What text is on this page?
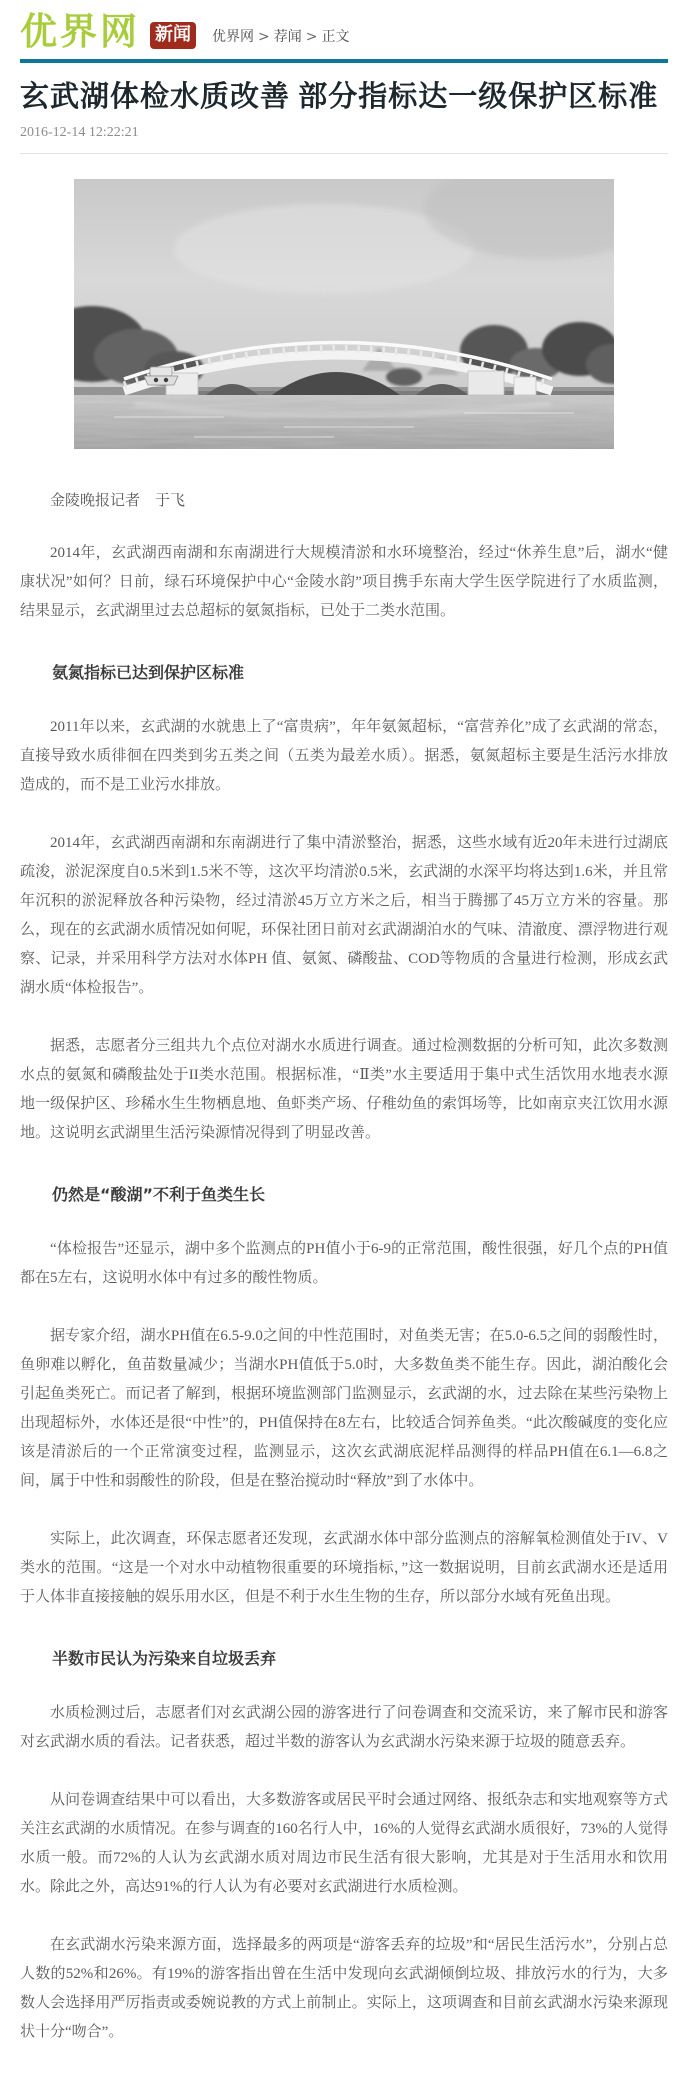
优界网 新闻	优界网 > 荐闻 > 正文
玄武湖体检水质改善 部分指标达一级保护区标准
2016-12-14 12:22:21
金陵晚报记者　于飞

2014年，玄武湖西南湖和东南湖进行大规模清淤和水环境整治，经过“休养生息”后，湖水“健康状况”如何？日前，绿石环境保护中心“金陵水韵”项目携手东南大学生医学院进行了水质监测，结果显示，玄武湖里过去总超标的氨氮指标，已处于二类水范围。

氨氮指标已达到保护区标准

2011年以来，玄武湖的水就患上了“富贵病”，年年氨氮超标，“富营养化”成了玄武湖的常态，直接导致水质徘徊在四类到劣五类之间（五类为最差水质）。据悉，氨氮超标主要是生活污水排放造成的，而不是工业污水排放。

2014年，玄武湖西南湖和东南湖进行了集中清淤整治，据悉，这些水域有近20年未进行过湖底疏浚，淤泥深度自0.5米到1.5米不等，这次平均清淤0.5米，玄武湖的水深平均将达到1.6米，并且常年沉积的淤泥释放各种污染物，经过清淤45万立方米之后，相当于腾挪了45万立方米的容量。那么，现在的玄武湖水质情况如何呢，环保社团日前对玄武湖湖泊水的气味、清澈度、漂浮物进行观察、记录，并采用科学方法对水体PH 值、氨氮、磷酸盐、COD等物质的含量进行检测，形成玄武湖水质“体检报告”。

据悉，志愿者分三组共九个点位对湖水水质进行调查。通过检测数据的分析可知，此次多数测水点的氨氮和磷酸盐处于II类水范围。根据标准，“Ⅱ类”水主要适用于集中式生活饮用水地表水源地一级保护区、珍稀水生生物栖息地、鱼虾类产场、仔稚幼鱼的索饵场等，比如南京夹江饮用水源地。这说明玄武湖里生活污染源情况得到了明显改善。

仍然是“酸湖”不利于鱼类生长

“体检报告”还显示，湖中多个监测点的PH值小于6-9的正常范围，酸性很强，好几个点的PH值都在5左右，这说明水体中有过多的酸性物质。

据专家介绍，湖水PH值在6.5-9.0之间的中性范围时，对鱼类无害；在5.0-6.5之间的弱酸性时，鱼卵难以孵化，鱼苗数量减少；当湖水PH值低于5.0时，大多数鱼类不能生存。因此，湖泊酸化会引起鱼类死亡。而记者了解到，根据环境监测部门监测显示，玄武湖的水，过去除在某些污染物上出现超标外，水体还是很“中性”的，PH值保持在8左右，比较适合饲养鱼类。“此次酸碱度的变化应该是清淤后的一个正常演变过程，监测显示，这次玄武湖底泥样品测得的样品PH值在6.1—6.8之间，属于中性和弱酸性的阶段，但是在整治搅动时“释放”到了水体中。

实际上，此次调查，环保志愿者还发现，玄武湖水体中部分监测点的溶解氧检测值处于IV、V类水的范围。“这是一个对水中动植物很重要的环境指标，”这一数据说明，目前玄武湖水还是适用于人体非直接接触的娱乐用水区，但是不利于水生生物的生存，所以部分水域有死鱼出现。

半数市民认为污染来自垃圾丢弃

水质检测过后，志愿者们对玄武湖公园的游客进行了问卷调查和交流采访，来了解市民和游客对玄武湖水质的看法。记者获悉，超过半数的游客认为玄武湖水污染来源于垃圾的随意丢弃。

从问卷调查结果中可以看出，大多数游客或居民平时会通过网络、报纸杂志和实地观察等方式关注玄武湖的水质情况。在参与调查的160名行人中，16%的人觉得玄武湖水质很好，73%的人觉得水质一般。而72%的人认为玄武湖水质对周边市民生活有很大影响，尤其是对于生活用水和饮用水。除此之外，高达91%的行人认为有必要对玄武湖进行水质检测。

在玄武湖水污染来源方面，选择最多的两项是“游客丢弃的垃圾”和“居民生活污水”，分别占总人数的52%和26%。有19%的游客指出曾在生活中发现向玄武湖倾倒垃圾、排放污水的行为，大多数人会选择用严厉指责或委婉说教的方式上前制止。实际上，这项调查和目前玄武湖水污染来源现状十分“吻合”。
